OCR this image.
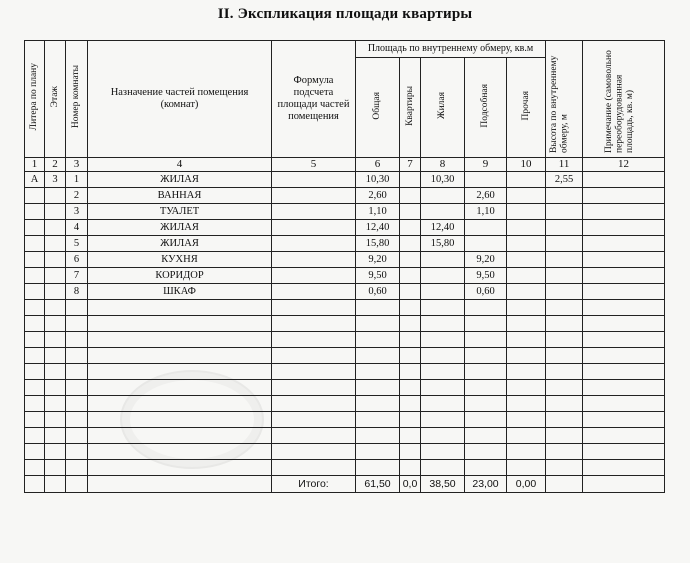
II. Экспликация площади квартиры
Литера по плану	Этаж	Номер комнаты	Назначение частей помещения (комнат)	Формула подсчета площади частей помещения	Площадь по внутреннему обмеру, кв.м					Высота по внутреннему обмеру, м	Примечание (самовольно переоборудованная площадь, кв. м)
					Общая	Квартиры	Жилая	Подсобная	Прочая		
1	2	3	4	5	6	7	8	9	10	11	12
А	3	1	ЖИЛАЯ		10,30		10,30			2,55	
		2	ВАННАЯ		2,60			2,60			
		3	ТУАЛЕТ		1,10			1,10			
		4	ЖИЛАЯ		12,40		12,40				
		5	ЖИЛАЯ		15,80		15,80				
		6	КУХНЯ		9,20			9,20			
		7	КОРИДОР		9,50			9,50			
		8	ШКАФ		0,60			0,60			

				Итого:	61,50	0,0	38,50	23,00	0,00		
